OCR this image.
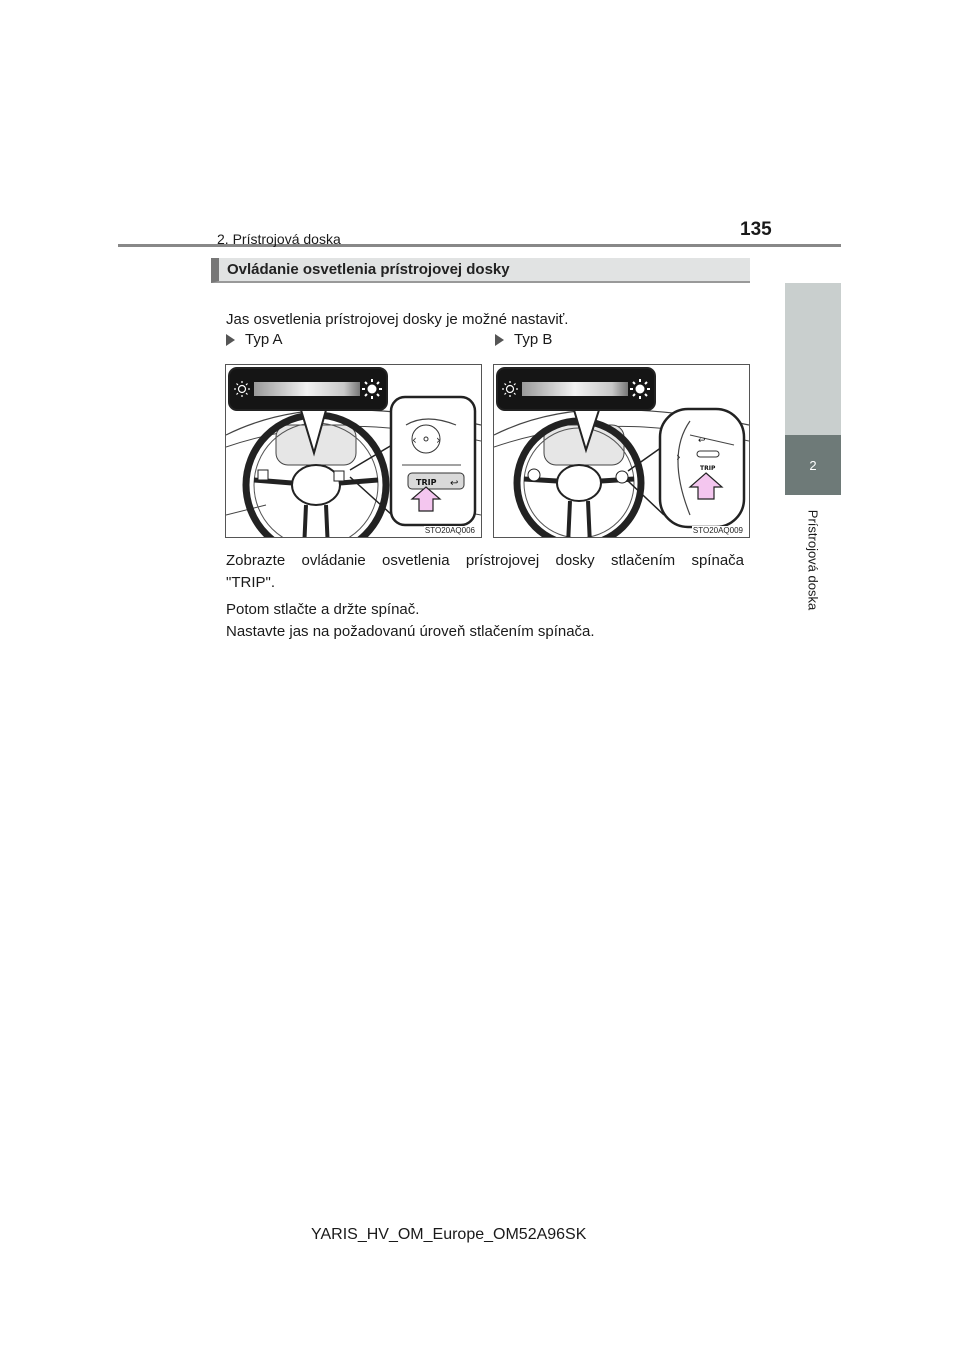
2. Prístrojová doska	135
2
Prístrojová doska
Ovládanie osvetlenia prístrojovej dosky
Jas osvetlenia prístrojovej dosky je možné nastaviť.
Typ A	Typ B
‹ ›
TRIP ↩
STO20AQ006
›
↩
TRIP
STO20AQ009
Zobrazte ovládanie osvetlenia prístrojovej dosky stlačením spínača
"TRIP".
Potom stlačte a držte spínač.
Nastavte jas na požadovanú úroveň stlačením spínača.
YARIS_HV_OM_Europe_OM52A96SK
